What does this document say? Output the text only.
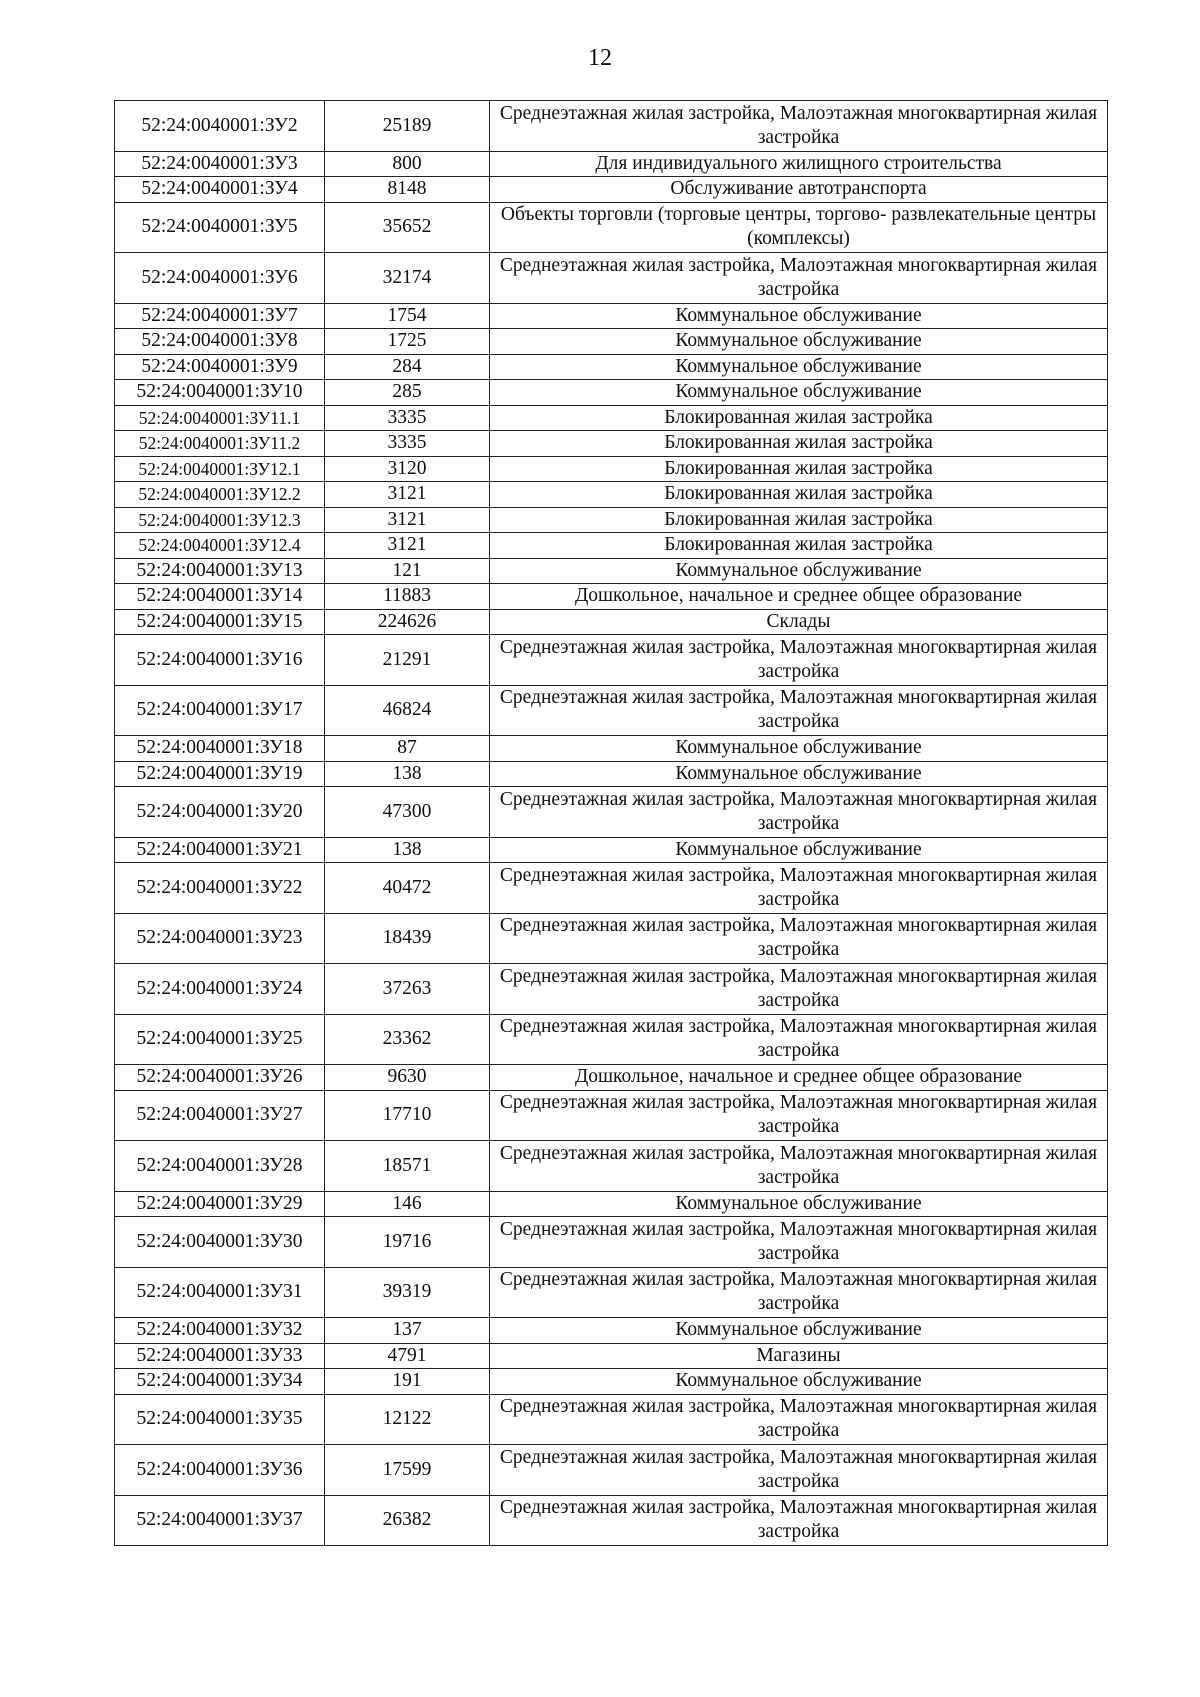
12
52:24:0040001:ЗУ2	25189	Среднеэтажная жилая застройка, Малоэтажная многоквартирная жилая застройка
52:24:0040001:ЗУ3	800	Для индивидуального жилищного строительства
52:24:0040001:ЗУ4	8148	Обслуживание автотранспорта
52:24:0040001:ЗУ5	35652	Объекты торговли (торговые центры, торгово- развлекательные центры (комплексы)
52:24:0040001:ЗУ6	32174	Среднеэтажная жилая застройка, Малоэтажная многоквартирная жилая застройка
52:24:0040001:ЗУ7	1754	Коммунальное обслуживание
52:24:0040001:ЗУ8	1725	Коммунальное обслуживание
52:24:0040001:ЗУ9	284	Коммунальное обслуживание
52:24:0040001:ЗУ10	285	Коммунальное обслуживание
52:24:0040001:ЗУ11.1	3335	Блокированная жилая застройка
52:24:0040001:ЗУ11.2	3335	Блокированная жилая застройка
52:24:0040001:ЗУ12.1	3120	Блокированная жилая застройка
52:24:0040001:ЗУ12.2	3121	Блокированная жилая застройка
52:24:0040001:ЗУ12.3	3121	Блокированная жилая застройка
52:24:0040001:ЗУ12.4	3121	Блокированная жилая застройка
52:24:0040001:ЗУ13	121	Коммунальное обслуживание
52:24:0040001:ЗУ14	11883	Дошкольное, начальное и среднее общее образование
52:24:0040001:ЗУ15	224626	Склады
52:24:0040001:ЗУ16	21291	Среднеэтажная жилая застройка, Малоэтажная многоквартирная жилая застройка
52:24:0040001:ЗУ17	46824	Среднеэтажная жилая застройка, Малоэтажная многоквартирная жилая застройка
52:24:0040001:ЗУ18	87	Коммунальное обслуживание
52:24:0040001:ЗУ19	138	Коммунальное обслуживание
52:24:0040001:ЗУ20	47300	Среднеэтажная жилая застройка, Малоэтажная многоквартирная жилая застройка
52:24:0040001:ЗУ21	138	Коммунальное обслуживание
52:24:0040001:ЗУ22	40472	Среднеэтажная жилая застройка, Малоэтажная многоквартирная жилая застройка
52:24:0040001:ЗУ23	18439	Среднеэтажная жилая застройка, Малоэтажная многоквартирная жилая застройка
52:24:0040001:ЗУ24	37263	Среднеэтажная жилая застройка, Малоэтажная многоквартирная жилая застройка
52:24:0040001:ЗУ25	23362	Среднеэтажная жилая застройка, Малоэтажная многоквартирная жилая застройка
52:24:0040001:ЗУ26	9630	Дошкольное, начальное и среднее общее образование
52:24:0040001:ЗУ27	17710	Среднеэтажная жилая застройка, Малоэтажная многоквартирная жилая застройка
52:24:0040001:ЗУ28	18571	Среднеэтажная жилая застройка, Малоэтажная многоквартирная жилая застройка
52:24:0040001:ЗУ29	146	Коммунальное обслуживание
52:24:0040001:ЗУ30	19716	Среднеэтажная жилая застройка, Малоэтажная многоквартирная жилая застройка
52:24:0040001:ЗУ31	39319	Среднеэтажная жилая застройка, Малоэтажная многоквартирная жилая застройка
52:24:0040001:ЗУ32	137	Коммунальное обслуживание
52:24:0040001:ЗУ33	4791	Магазины
52:24:0040001:ЗУ34	191	Коммунальное обслуживание
52:24:0040001:ЗУ35	12122	Среднеэтажная жилая застройка, Малоэтажная многоквартирная жилая застройка
52:24:0040001:ЗУ36	17599	Среднеэтажная жилая застройка, Малоэтажная многоквартирная жилая застройка
52:24:0040001:ЗУ37	26382	Среднеэтажная жилая застройка, Малоэтажная многоквартирная жилая застройка
